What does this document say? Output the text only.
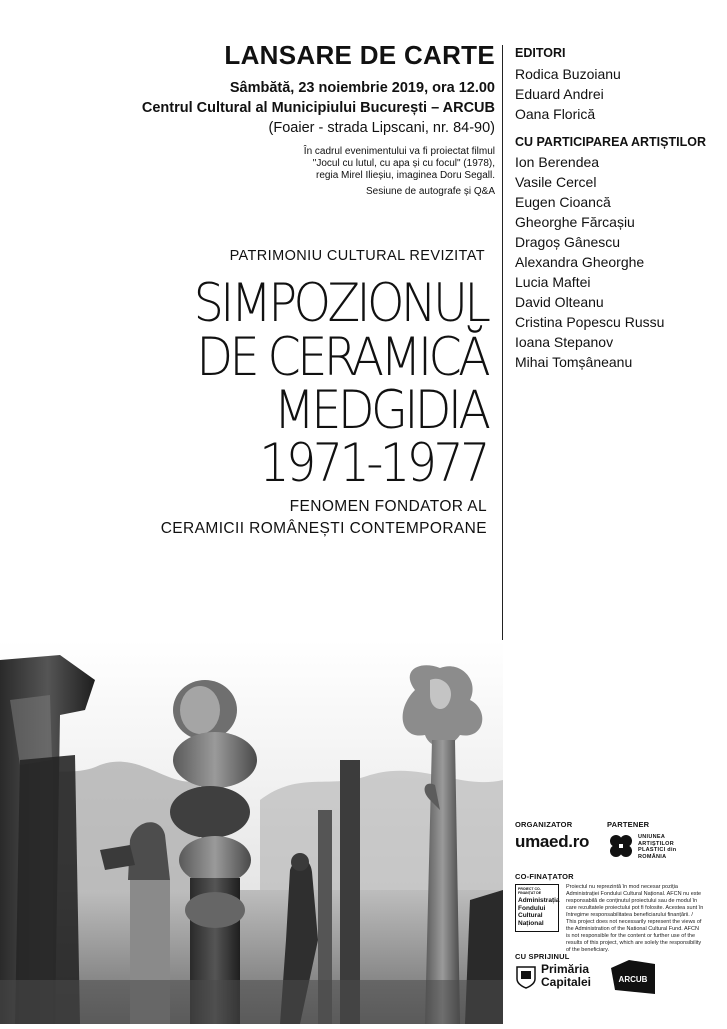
LANSARE DE CARTE
Sâmbătă, 23 noiembrie 2019, ora 12.00
Centrul Cultural al Municipiului București – ARCUB
(Foaier - strada Lipscani, nr. 84-90)
În cadrul evenimentului va fi proiectat filmul
"Jocul cu lutul, cu apa și cu focul" (1978),
regia Mirel Ilieșiu, imaginea Doru Segall.
Sesiune de autografe și Q&A
PATRIMONIU CULTURAL REVIZITAT
SIMPOZIONUL
DE CERAMICĂ
MEDGIDIA
1971-1977
FENOMEN FONDATOR AL
CERAMICII ROMÂNEȘTI CONTEMPORANE
EDITORI
Rodica Buzoianu
Eduard Andrei
Oana Florică
CU PARTICIPAREA ARTIȘTILOR
Ion Berendea
Vasile Cercel
Eugen Cioancă
Gheorghe Fărcașiu
Dragoș Gânescu
Alexandra Gheorghe
Lucia Maftei
David Olteanu
Cristina Popescu Russu
Ioana Stepanov
Mihai Tomșâneanu
ORGANIZATOR
umaed.ro
PARTENER
UNIUNEA ARTIȘTILOR PLASTICI din ROMÂNIA
CO-FINAȚATOR
PROIECT CO-FINANȚAT DE
Administrația Fondului Cultural Național
Proiectul nu reprezintă în mod necesar poziția Administrației Fondului Cultural Național. AFCN nu este responsabilă de conținutul proiectului sau de modul în care rezultatele proiectului pot fi folosite. Acestea sunt în întregime responsabilitatea beneficiarului finanțării. / This project does not necessarily represent the views of the Administration of the National Cultural Fund. AFCN is not responsible for the content or further use of the results of this project, which are solely the responsibility of the beneficiary.
CU SPRIJINUL
Primăria
Capitalei	ARCUB
